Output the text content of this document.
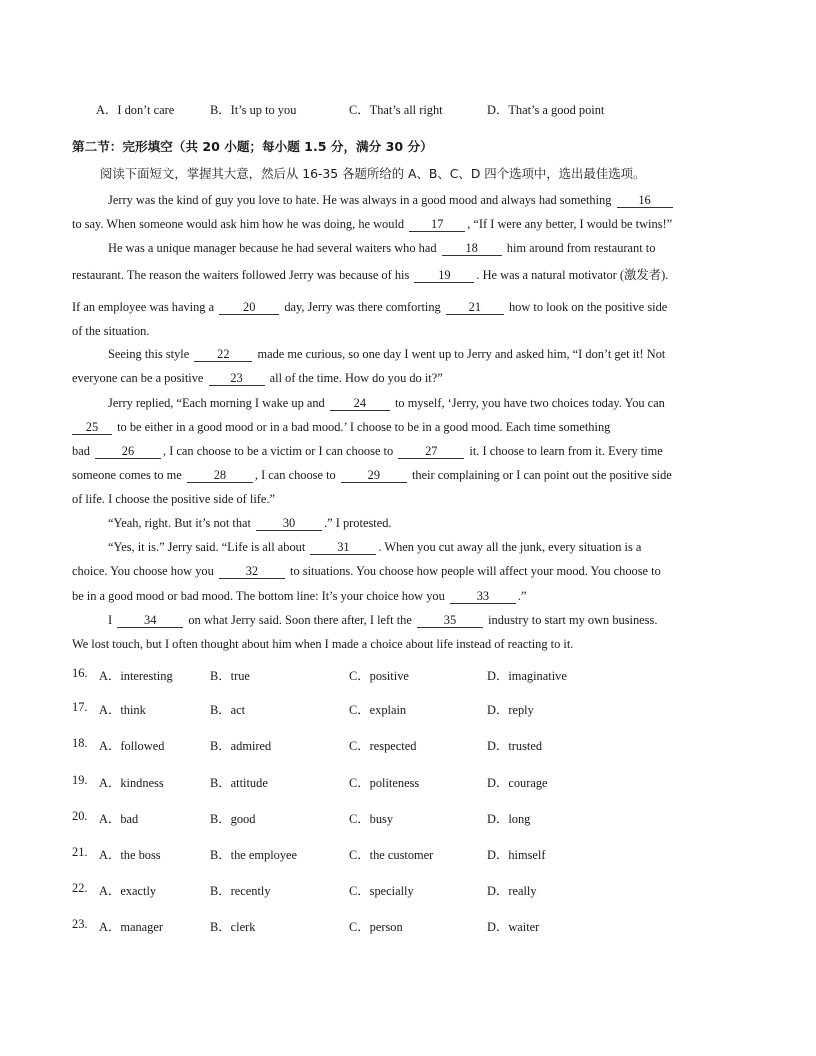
A．I don’t care	B．It’s up to you	C．That’s all right	D．That’s a good point
第二节：完形填空（共 20 小题；每小题 1.5 分，满分 30 分）
阅读下面短文，掌握其大意，然后从 16-35 各题所给的 A、B、C、D 四个选项中，选出最佳选项。
Jerry was the kind of guy you love to hate. He was always in a good mood and always had something 16
to say. When someone would ask him how he was doing, he would 17 , “If I were any better, I would be twins!”
He was a unique manager because he had several waiters who had 18 him around from restaurant to
restaurant. The reason the waiters followed Jerry was because of his 19 . He was a natural motivator (激发者).
If an employee was having a 20 day, Jerry was there comforting 21 how to look on the positive side
of the situation.
Seeing this style 22 made me curious, so one day I went up to Jerry and asked him, “I don’t get it! Not
everyone can be a positive 23 all of the time. How do you do it?”
Jerry replied, “Each morning I wake up and 24 to myself, ‘Jerry, you have two choices today. You can
25 to be either in a good mood or in a bad mood.’ I choose to be in a good mood. Each time something
bad	26 , I can choose to be a victim or I can choose to	27	it. I choose to learn from it. Every time
someone comes to me	28 , I can choose to	29	their complaining or I can point out the positive side
of life. I choose the positive side of life.”
“Yeah, right. But it’s not that	30 .” I protested.
“Yes, it is.” Jerry said. “Life is all about	31 . When you cut away all the junk, every situation is a
choice. You choose how you	32	to situations. You choose how people will affect your mood. You choose to
be in a good mood or bad mood. The bottom line: It’s your choice how you	33 .”
I	34	on what Jerry said. Soon there after, I left the	35	industry to start my own business.
We lost touch, but I often thought about him when I made a choice about life instead of reacting to it.
16. A．interesting	B．true	C．positive	D．imaginative
17. A．think	B．act	C．explain	D．reply
18. A．followed	B．admired	C．respected	D．trusted
19. A．kindness	B．attitude	C．politeness	D．courage
20. A．bad	B．good	C．busy	D．long
21. A．the boss	B．the employee	C．the customer	D．himself
22. A．exactly	B．recently	C．specially	D．really
23. A．manager	B．clerk	C．person	D．waiter
